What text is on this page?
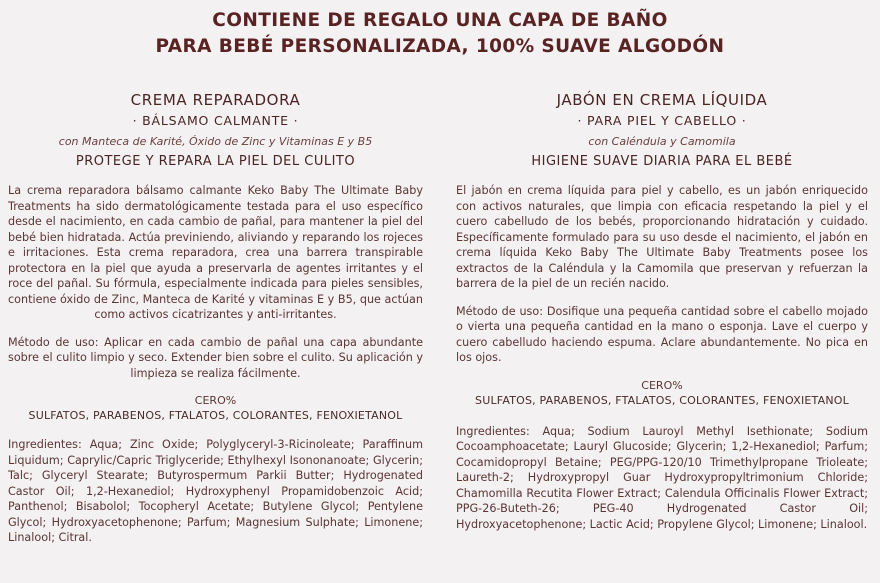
CONTIENE DE REGALO UNA CAPA DE BAÑO
PARA BEBÉ PERSONALIZADA, 100% SUAVE ALGODÓN
CREMA REPARADORA
· BÁLSAMO CALMANTE ·
con Manteca de Karité, Óxido de Zinc y Vitaminas E y B5
PROTEGE Y REPARA LA PIEL DEL CULITO

La crema reparadora bálsamo calmante Keko Baby The Ultimate Baby Treatments ha sido dermatológicamente testada para el uso específico desde el nacimiento, en cada cambio de pañal, para mantener la piel del bebé bien hidratada. Actúa previniendo, aliviando y reparando los rojeces e irritaciones. Esta crema reparadora, crea una barrera transpirable protectora en la piel que ayuda a preservarla de agentes irritantes y el roce del pañal. Su fórmula, especialmente indicada para pieles sensibles, contiene óxido de Zinc, Manteca de Karité y vitaminas E y B5, que actúan como activos cicatrizantes y anti-irritantes.

Método de uso: Aplicar en cada cambio de pañal una capa abundante sobre el culito limpio y seco. Extender bien sobre el culito. Su aplicación y limpieza se realiza fácilmente.

CERO%
SULFATOS, PARABENOS, FTALATOS, COLORANTES, FENOXIETANOL

Ingredientes: Aqua; Zinc Oxide; Polyglyceryl-3-Ricinoleate; Paraffinum Liquidum; Caprylic/Capric Triglyceride; Ethylhexyl Isononanoate; Glycerin; Talc; Glyceryl Stearate; Butyrospermum Parkii Butter; Hydrogenated Castor Oil; 1,2-Hexanediol; Hydroxyphenyl Propamidobenzoic Acid; Panthenol; Bisabolol; Tocopheryl Acetate; Butylene Glycol; Pentylene Glycol; Hydroxyacetophenone; Parfum; Magnesium Sulphate; Limonene; Linalool; Citral.

JABÓN EN CREMA LÍQUIDA
· PARA PIEL Y CABELLO ·
con Caléndula y Camomila
HIGIENE SUAVE DIARIA PARA EL BEBÉ

El jabón en crema líquida para piel y cabello, es un jabón enriquecido con activos naturales, que limpia con eficacia respetando la piel y el cuero cabelludo de los bebés, proporcionando hidratación y cuidado. Específicamente formulado para su uso desde el nacimiento, el jabón en crema líquida Keko Baby The Ultimate Baby Treatments posee los extractos de la Caléndula y la Camomila que preservan y refuerzan la barrera de la piel de un recién nacido.

Método de uso: Dosifique una pequeña cantidad sobre el cabello mojado o vierta una pequeña cantidad en la mano o esponja. Lave el cuerpo y cuero cabelludo haciendo espuma. Aclare abundantemente. No pica en los ojos.

CERO%
SULFATOS, PARABENOS, FTALATOS, COLORANTES, FENOXIETANOL

Ingredientes: Aqua; Sodium Lauroyl Methyl Isethionate; Sodium Cocoamphoacetate; Lauryl Glucoside; Glycerin; 1,2-Hexanediol; Parfum; Cocamidopropyl Betaine; PEG/PPG-120/10 Trimethylpropane Trioleate; Laureth-2; Hydroxypropyl Guar Hydroxypropyltrimonium Chloride; Chamomilla Recutita Flower Extract; Calendula Officinalis Flower Extract; PPG-26-Buteth-26; PEG-40 Hydrogenated Castor Oil; Hydroxyacetophenone; Lactic Acid; Propylene Glycol; Limonene; Linalool.
